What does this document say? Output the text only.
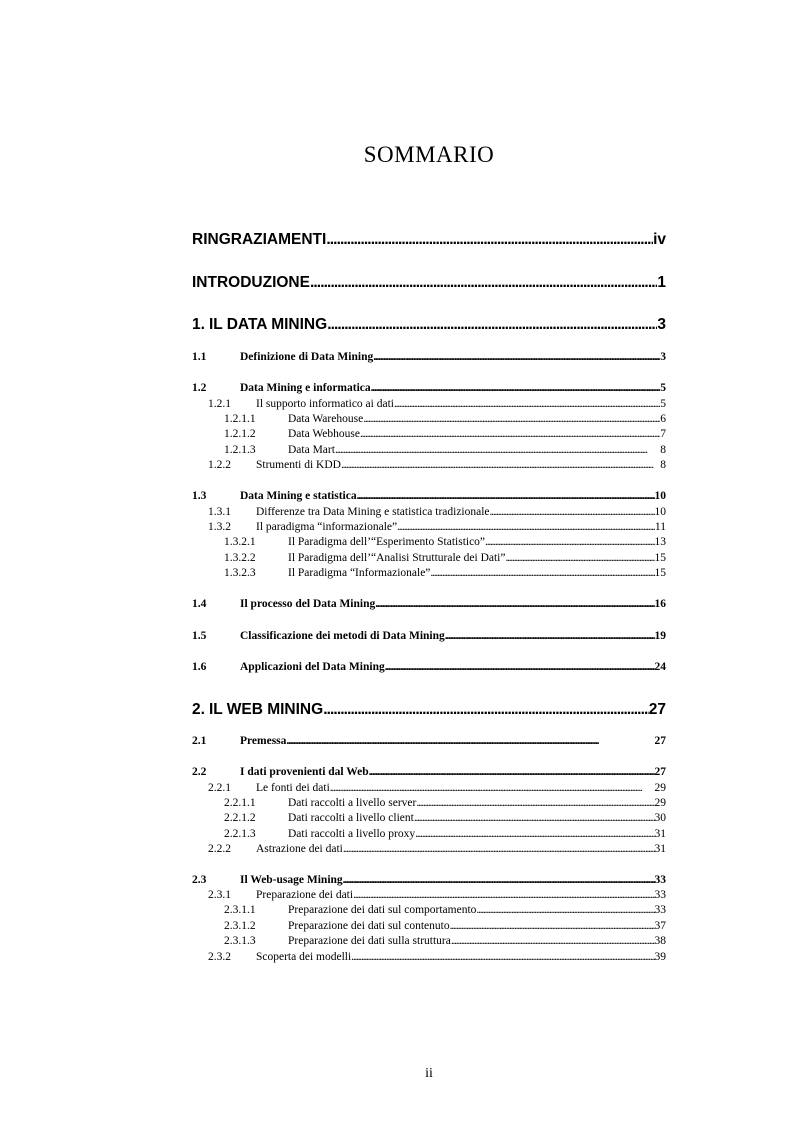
SOMMARIO
RINGRAZIAMENTI . . .	iv
INTRODUZIONE . . .	1
1. IL DATA MINING . . .	3
1.1	Definizione di Data Mining . . .	3
1.2	Data Mining e informatica . . .	5
1.2.1	Il supporto informatico ai dati . . .	5
1.2.1.1	Data Warehouse . . .	6
1.2.1.2	Data Webhouse . . .	7
1.2.1.3	Data Mart . . .	8
1.2.2	Strumenti di KDD . . .	8
1.3	Data Mining e statistica . . .	10
1.3.1	Differenze tra Data Mining e statistica tradizionale . . .	10
1.3.2	Il paradigma “informazionale” . . .	11
1.3.2.1	Il Paradigma dell’“Esperimento Statistico” . . .	13
1.3.2.2	Il Paradigma dell’“Analisi Strutturale dei Dati” . . .	15
1.3.2.3	Il Paradigma “Informazionale” . . .	15
1.4	Il processo del Data Mining . . .	16
1.5	Classificazione dei metodi di Data Mining . . .	19
1.6	Applicazioni del Data Mining . . .	24
2. IL WEB MINING . . .	27
2.1	Premessa . . .	27
2.2	I dati provenienti dal Web . . .	27
2.2.1	Le fonti dei dati . . .	29
2.2.1.1	Dati raccolti a livello server . . .	29
2.2.1.2	Dati raccolti a livello client . . .	30
2.2.1.3	Dati raccolti a livello proxy . . .	31
2.2.2	Astrazione dei dati . . .	31
2.3	Il Web-usage Mining . . .	33
2.3.1	Preparazione dei dati . . .	33
2.3.1.1	Preparazione dei dati sul comportamento . . .	33
2.3.1.2	Preparazione dei dati sul contenuto . . .	37
2.3.1.3	Preparazione dei dati sulla struttura . . .	38
2.3.2	Scoperta dei modelli . . .	39
ii
